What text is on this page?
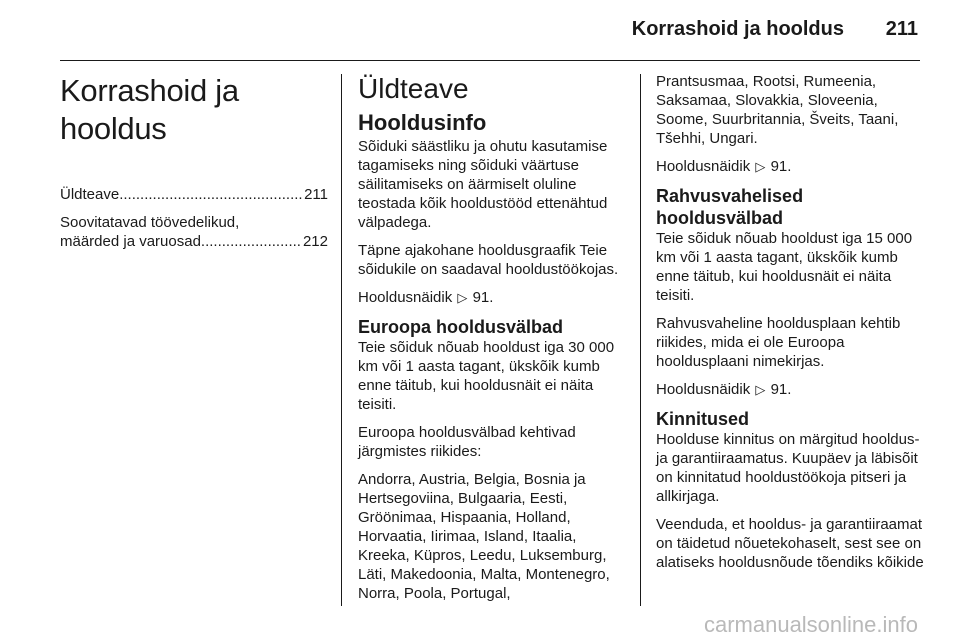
Korrashoid ja hooldus 211
Korrashoid ja hooldus
Üldteave .....	211
Soovitatavad töövedelikud,
määrded ja varuosad .....	212
Üldteave
Hooldusinfo

Sõiduki säästliku ja ohutu kasutamise tagamiseks ning sõiduki väärtuse säilitamiseks on äärmiselt oluline teostada kõik hooldustööd ettenähtud välpadega.

Täpne ajakohane hooldusgraafik Teie sõidukile on saadaval hooldustöökojas.

Hooldusnäidik ▷ 91.

Euroopa hooldusvälbad

Teie sõiduk nõuab hooldust iga 30 000 km või 1 aasta tagant, ükskõik kumb enne täitub, kui hooldusnäit ei näita teisiti.

Euroopa hooldusvälbad kehtivad järgmistes riikides:

Andorra, Austria, Belgia, Bosnia ja Hertsegoviina, Bulgaaria, Eesti, Gröönimaa, Hispaania, Holland, Horvaatia, Iirimaa, Island, Itaalia, Kreeka, Küpros, Leedu, Luksemburg, Läti, Makedoonia, Malta, Montenegro, Norra, Poola, Portugal,

Prantsusmaa, Rootsi, Rumeenia, Saksamaa, Slovakkia, Sloveenia, Soome, Suurbritannia, Šveits, Taani, Tšehhi, Ungari.

Hooldusnäidik ▷ 91.

Rahvusvahelised
hooldusvälbad

Teie sõiduk nõuab hooldust iga 15 000 km või 1 aasta tagant, ükskõik kumb enne täitub, kui hooldusnäit ei näita teisiti.

Rahvusvaheline hooldusplaan kehtib riikides, mida ei ole Euroopa hooldusplaani nimekirjas.

Hooldusnäidik ▷ 91.

Kinnitused

Hoolduse kinnitus on märgitud hooldus- ja garantiiraamatus. Kuupäev ja läbisõit on kinnitatud hooldustöökoja pitseri ja allkirjaga.

Veenduda, et hooldus- ja garantiiraamat on täidetud nõuetekohaselt, sest see on alatiseks hooldusnõude tõendiks kõikide

carmanualsonline.info
